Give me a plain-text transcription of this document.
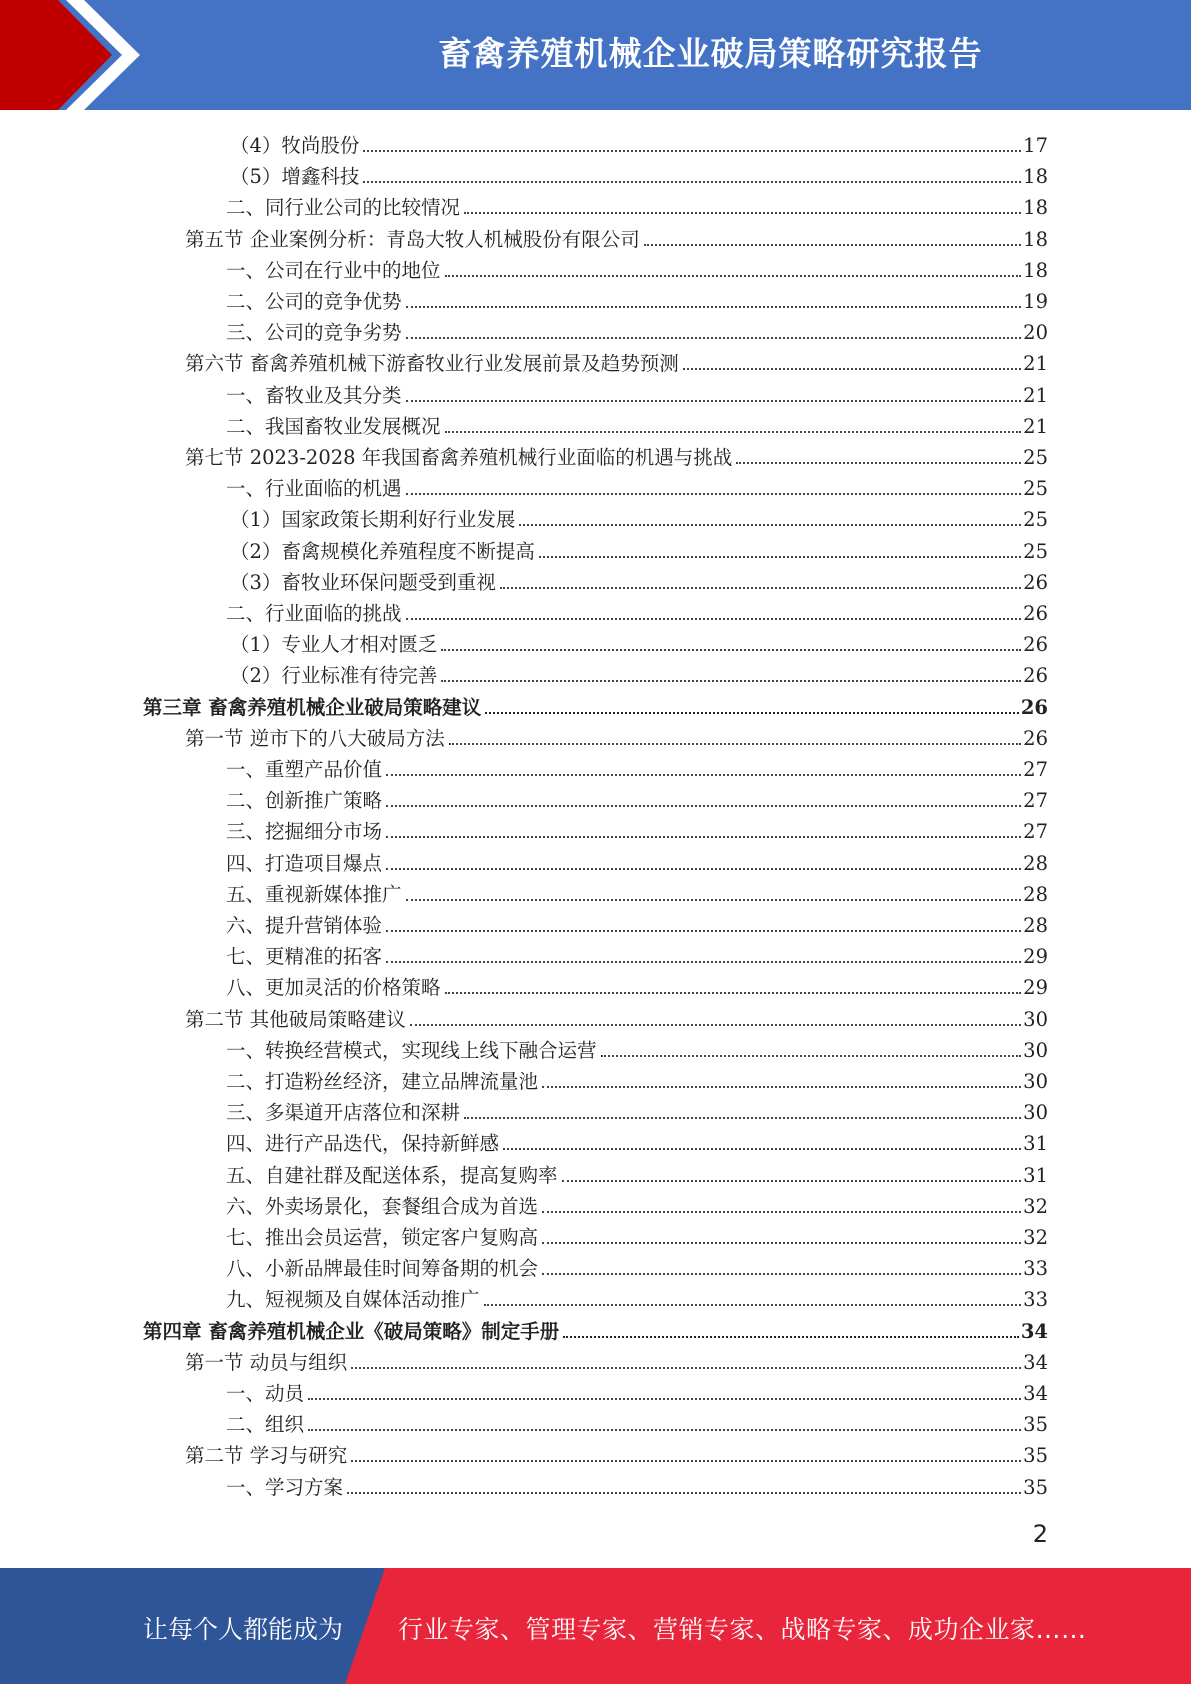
畜禽养殖机械企业破局策略研究报告
（4）牧尚股份	17
（5）增鑫科技	18
二、同行业公司的比较情况	18
第五节 企业案例分析：青岛大牧人机械股份有限公司	18
一、公司在行业中的地位	18
二、公司的竞争优势	19
三、公司的竞争劣势	20
第六节 畜禽养殖机械下游畜牧业行业发展前景及趋势预测	21
一、畜牧业及其分类	21
二、我国畜牧业发展概况	21
第七节 2023-2028 年我国畜禽养殖机械行业面临的机遇与挑战	25
一、行业面临的机遇	25
（1）国家政策长期利好行业发展	25
（2）畜禽规模化养殖程度不断提高	25
（3）畜牧业环保问题受到重视	26
二、行业面临的挑战	26
（1）专业人才相对匮乏	26
（2）行业标准有待完善	26
第三章 畜禽养殖机械企业破局策略建议	26
第一节 逆市下的八大破局方法	26
一、重塑产品价值	27
二、创新推广策略	27
三、挖掘细分市场	27
四、打造项目爆点	28
五、重视新媒体推广	28
六、提升营销体验	28
七、更精准的拓客	29
八、更加灵活的价格策略	29
第二节 其他破局策略建议	30
一、转换经营模式，实现线上线下融合运营	30
二、打造粉丝经济，建立品牌流量池	30
三、多渠道开店落位和深耕	30
四、进行产品迭代，保持新鲜感	31
五、自建社群及配送体系，提高复购率	31
六、外卖场景化，套餐组合成为首选	32
七、推出会员运营，锁定客户复购高	32
八、小新品牌最佳时间筹备期的机会	33
九、短视频及自媒体活动推广	33
第四章 畜禽养殖机械企业《破局策略》制定手册	34
第一节 动员与组织	34
一、动员	34
二、组织	35
第二节 学习与研究	35
一、学习方案	35
2
让每个人都能成为 行业专家、管理专家、营销专家、战略专家、成功企业家……
